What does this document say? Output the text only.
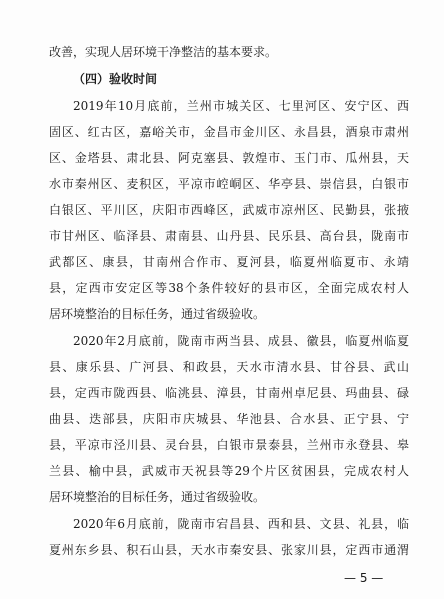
改善，实现人居环境干净整洁的基本要求。
（四）验收时间
2019年10月底前，兰州市城关区、七里河区、安宁区、西
固区、红古区，嘉峪关市，金昌市金川区、永昌县，酒泉市肃州
区、金塔县、肃北县、阿克塞县、敦煌市、玉门市、瓜州县，天
水市秦州区、麦积区，平凉市崆峒区、华亭县、崇信县，白银市
白银区、平川区，庆阳市西峰区，武威市凉州区、民勤县，张掖
市甘州区、临泽县、肃南县、山丹县、民乐县、高台县，陇南市
武都区、康县，甘南州合作市、夏河县，临夏州临夏市、永靖
县，定西市安定区等38个条件较好的县市区，全面完成农村人
居环境整治的目标任务，通过省级验收。
2020年2月底前，陇南市两当县、成县、徽县，临夏州临夏
县、康乐县、广河县、和政县，天水市清水县、甘谷县、武山
县，定西市陇西县、临洮县、漳县，甘南州卓尼县、玛曲县、碌
曲县、迭部县，庆阳市庆城县、华池县、合水县、正宁县、宁
县，平凉市泾川县、灵台县，白银市景泰县，兰州市永登县、皋
兰县、榆中县，武威市天祝县等29个片区贫困县，完成农村人
居环境整治的目标任务，通过省级验收。
2020年6月底前，陇南市宕昌县、西和县、文县、礼县，临
夏州东乡县、积石山县，天水市秦安县、张家川县，定西市通渭
— 5 —
